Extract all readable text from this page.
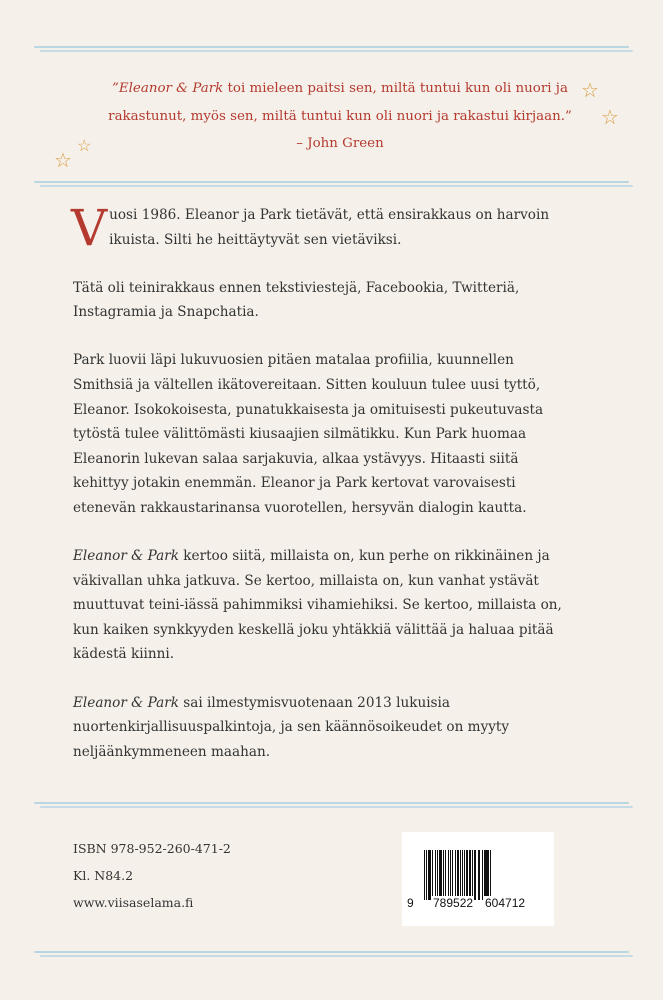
”Eleanor & Park toi mieleen paitsi sen, miltä tuntui kun oli nuori ja
rakastunut, myös sen, miltä tuntui kun oli nuori ja rakastui kirjaan.”
– John Green
☆
☆
☆
☆

V uosi 1986. Eleanor ja Park tietävät, että ensirakkaus on harvoin
ikuista. Silti he heittäytyvät sen vietäviksi.

Tätä oli teinirakkaus ennen tekstiviestejä, Facebookia, Twitteriä,
Instagramia ja Snapchatia.

Park luovii läpi lukuvuosien pitäen matalaa profiilia, kuunnellen
Smithsiä ja vältellen ikätovereitaan. Sitten kouluun tulee uusi tyttö,
Eleanor. Isokokoisesta, punatukkaisesta ja omituisesti pukeutuvasta
tytöstä tulee välittömästi kiusaajien silmätikku. Kun Park huomaa
Eleanorin lukevan salaa sarjakuvia, alkaa ystävyys. Hitaasti siitä
kehittyy jotakin enemmän. Eleanor ja Park kertovat varovaisesti
etenevän rakkaustarinansa vuorotellen, hersyvän dialogin kautta.

Eleanor & Park kertoo siitä, millaista on, kun perhe on rikkinäinen ja
väkivallan uhka jatkuva. Se kertoo, millaista on, kun vanhat ystävät
muuttuvat teini-iässä pahimmiksi vihamiehiksi. Se kertoo, millaista on,
kun kaiken synkkyyden keskellä joku yhtäkkiä välittää ja haluaa pitää
kädestä kiinni.

Eleanor & Park sai ilmestymisvuotenaan 2013 lukuisia
nuortenkirjallisuuspalkintoja, ja sen käännösoikeudet on myyty
neljäänkymmeneen maahan.

ISBN 978-952-260-471-2
Kl. N84.2
www.viisaselama.fi	9 789522 604712
